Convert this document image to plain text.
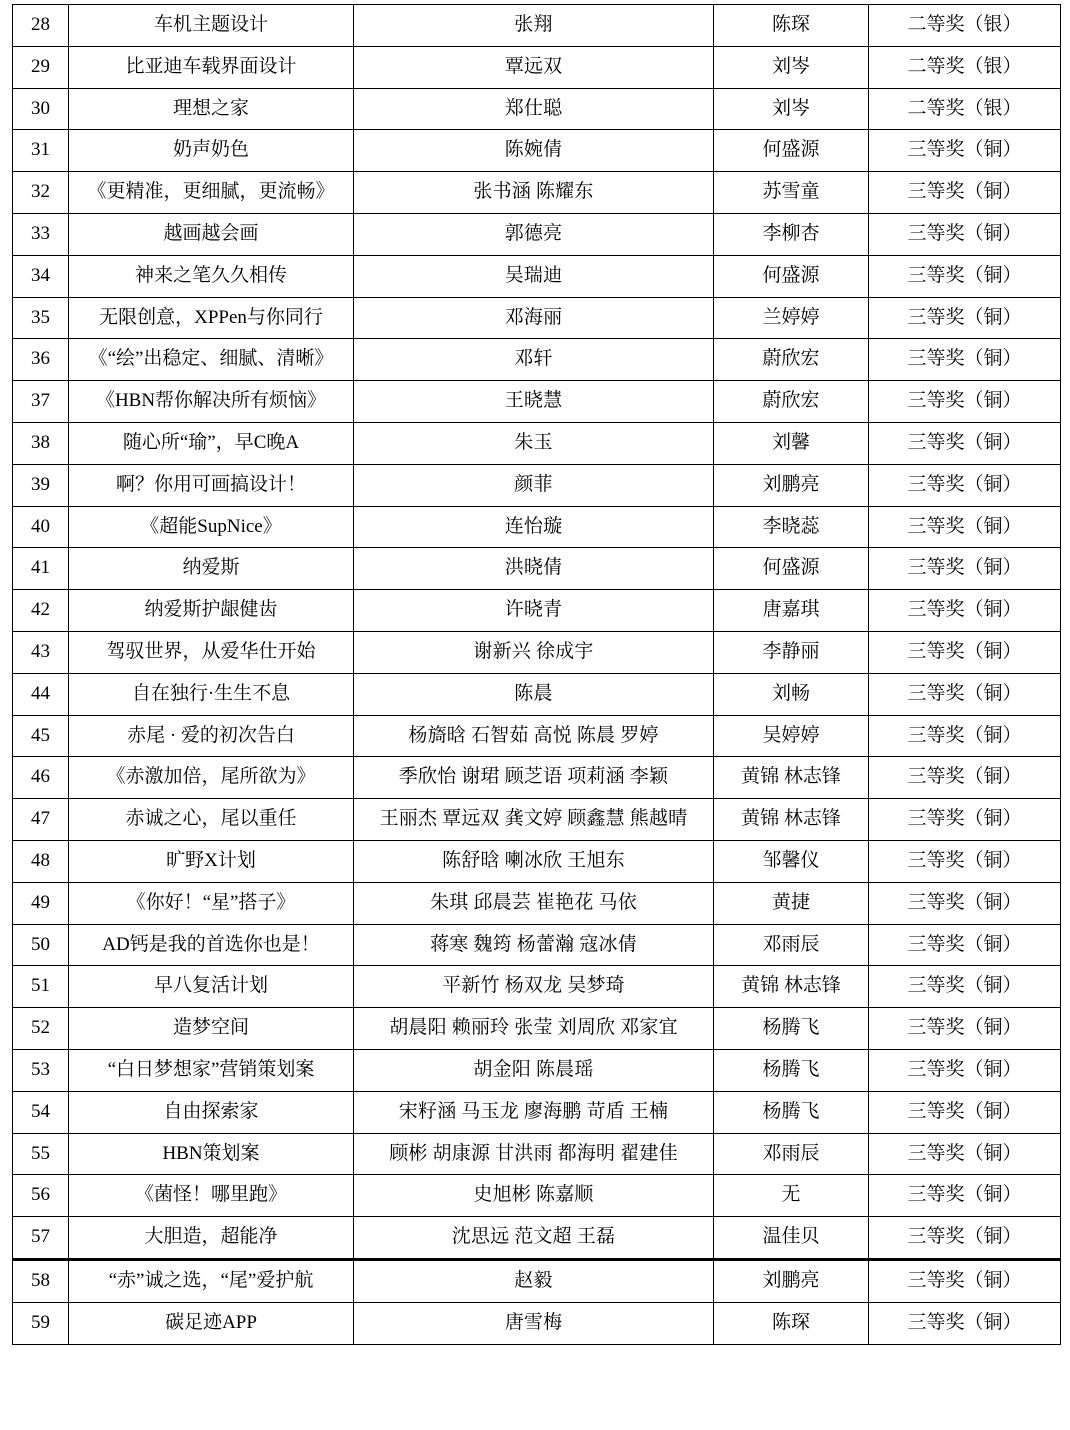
28	车机主题设计	张翔	陈琛	二等奖（银）
29	比亚迪车载界面设计	覃远双	刘岑	二等奖（银）
30	理想之家	郑仕聪	刘岑	二等奖（银）
31	奶声奶色	陈婉倩	何盛源	三等奖（铜）
32	《更精准，更细腻，更流畅》	张书涵 陈耀东	苏雪童	三等奖（铜）
33	越画越会画	郭德亮	李柳杏	三等奖（铜）
34	神来之笔久久相传	吴瑞迪	何盛源	三等奖（铜）
35	无限创意，XPPen与你同行	邓海丽	兰婷婷	三等奖（铜）
36	《“绘”出稳定、细腻、清晰》	邓轩	蔚欣宏	三等奖（铜）
37	《HBN帮你解决所有烦恼》	王晓慧	蔚欣宏	三等奖（铜）
38	随心所“瑜”，早C晚A	朱玉	刘馨	三等奖（铜）
39	啊？你用可画搞设计！	颜菲	刘鹏亮	三等奖（铜）
40	《超能SupNice》	连怡璇	李晓蕊	三等奖（铜）
41	纳爱斯	洪晓倩	何盛源	三等奖（铜）
42	纳爱斯护龈健齿	许晓青	唐嘉琪	三等奖（铜）
43	驾驭世界，从爱华仕开始	谢新兴 徐成宇	李静丽	三等奖（铜）
44	自在独行·生生不息	陈晨	刘畅	三等奖（铜）
45	赤尾 · 爱的初次告白	杨旖晗 石智茹 高悦 陈晨 罗婷	吴婷婷	三等奖（铜）
46	《赤激加倍，尾所欲为》	季欣怡 谢珺 顾芝语 项莉涵 李颖	黄锦 林志锋	三等奖（铜）
47	赤诚之心，尾以重任	王丽杰 覃远双 龚文婷 顾鑫慧 熊越晴	黄锦 林志锋	三等奖（铜）
48	旷野X计划	陈舒晗 喇冰欣 王旭东	邹馨仪	三等奖（铜）
49	《你好！“星”搭子》	朱琪 邱晨芸 崔艳花 马依	黄捷	三等奖（铜）
50	AD钙是我的首选你也是！	蒋寒 魏筠 杨蕾瀚 寇冰倩	邓雨辰	三等奖（铜）
51	早八复活计划	平新竹 杨双龙 吴梦琦	黄锦 林志锋	三等奖（铜）
52	造梦空间	胡晨阳 赖丽玲 张莹 刘周欣 邓家宜	杨腾飞	三等奖（铜）
53	“白日梦想家”营销策划案	胡金阳 陈晨瑶	杨腾飞	三等奖（铜）
54	自由探索家	宋籽涵 马玉龙 廖海鹏 苛盾 王楠	杨腾飞	三等奖（铜）
55	HBN策划案	顾彬 胡康源 甘洪雨 都海明 翟建佳	邓雨辰	三等奖（铜）
56	《菌怪！哪里跑》	史旭彬 陈嘉顺	无	三等奖（铜）
57	大胆造，超能净	沈思远 范文超 王磊	温佳贝	三等奖（铜）
58	“赤”诚之选，“尾”爱护航	赵毅	刘鹏亮	三等奖（铜）
59	碳足迹APP	唐雪梅	陈琛	三等奖（铜）
